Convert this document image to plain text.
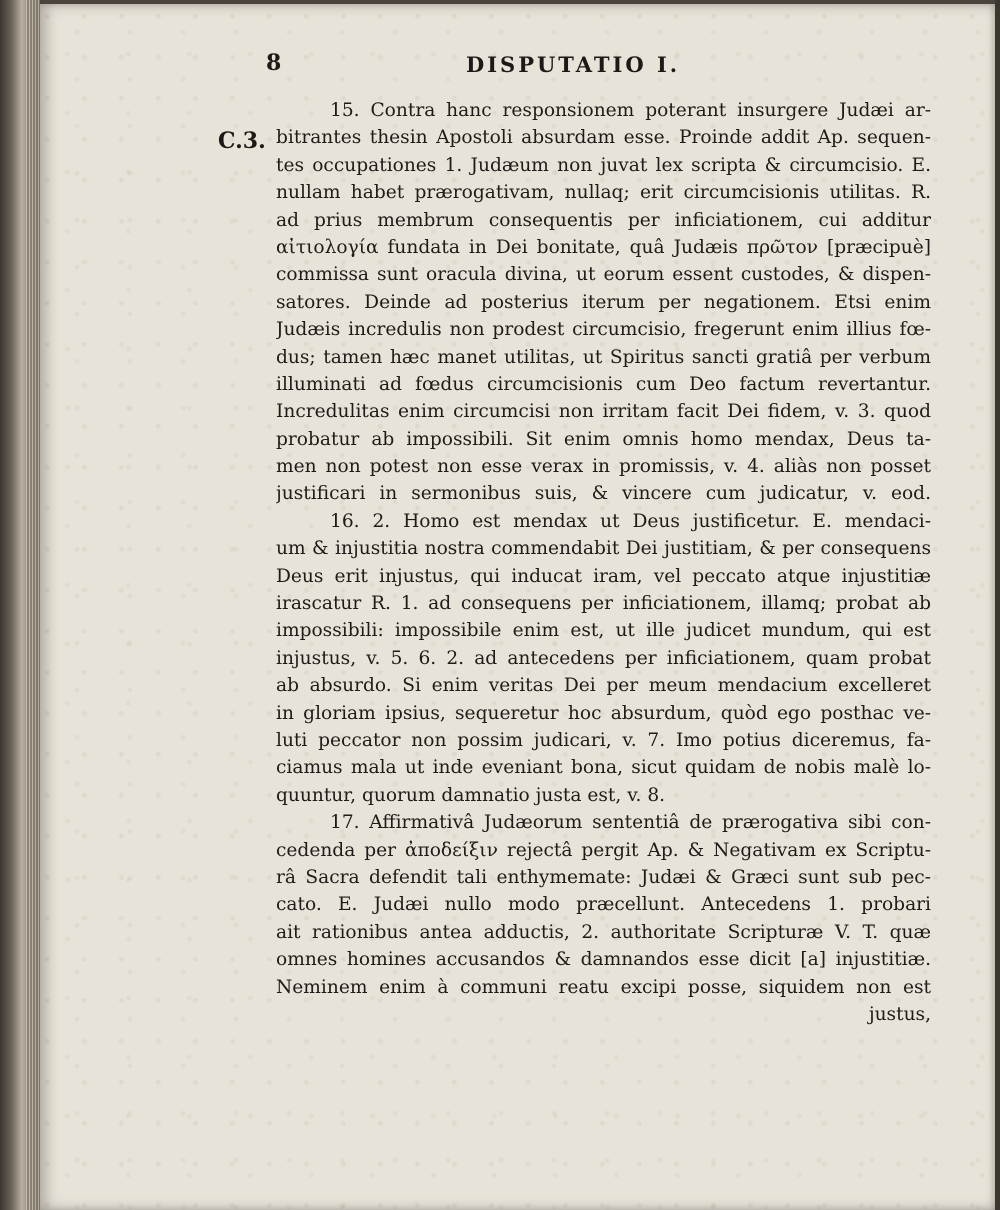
8	DISPUTATIO I.
C.3.
15. Contra hanc responsionem poterant insurgere Judæi ar-
bitrantes thesin Apostoli absurdam esse. Proinde addit Ap. sequen-
tes occupationes 1. Judæum non juvat lex scripta & circumcisio. E.
nullam habet prærogativam, nullaq; erit circumcisionis utilitas. R.
ad prius membrum consequentis per inficiationem, cui additur
αἰτιολογία fundata in Dei bonitate, quâ Judæis πρῶτον [præcipuè]
commissa sunt oracula divina, ut eorum essent custodes, & dispen-
satores. Deinde ad posterius iterum per negationem. Etsi enim
Judæis incredulis non prodest circumcisio, fregerunt enim illius fœ-
dus; tamen hæc manet utilitas, ut Spiritus sancti gratiâ per verbum
illuminati ad fœdus circumcisionis cum Deo factum revertantur.
Incredulitas enim circumcisi non irritam facit Dei fidem, v. 3. quod
probatur ab impossibili. Sit enim omnis homo mendax, Deus ta-
men non potest non esse verax in promissis, v. 4. aliàs non posset
justificari in sermonibus suis, & vincere cum judicatur, v. eod.
16. 2. Homo est mendax ut Deus justificetur. E. mendaci-
um & injustitia nostra commendabit Dei justitiam, & per consequens
Deus erit injustus, qui inducat iram, vel peccato atque injustitiæ
irascatur R. 1. ad consequens per inficiationem, illamq; probat ab
impossibili: impossibile enim est, ut ille judicet mundum, qui est
injustus, v. 5. 6. 2. ad antecedens per inficiationem, quam probat
ab absurdo. Si enim veritas Dei per meum mendacium excelleret
in gloriam ipsius, sequeretur hoc absurdum, quòd ego posthac ve-
luti peccator non possim judicari, v. 7. Imo potius diceremus, fa-
ciamus mala ut inde eveniant bona, sicut quidam de nobis malè lo-
quuntur, quorum damnatio justa est, v. 8.
17. Affirmativâ Judæorum sententiâ de prærogativa sibi con-
cedenda per ἀποδείξιν rejectâ pergit Ap. & Negativam ex Scriptu-
râ Sacra defendit tali enthymemate: Judæi & Græci sunt sub pec-
cato. E. Judæi nullo modo præcellunt. Antecedens 1. probari
ait rationibus antea adductis, 2. authoritate Scripturæ V. T. quæ
omnes homines accusandos & damnandos esse dicit [a] injustitiæ.
Neminem enim à communi reatu excipi posse, siquidem non est
justus,
